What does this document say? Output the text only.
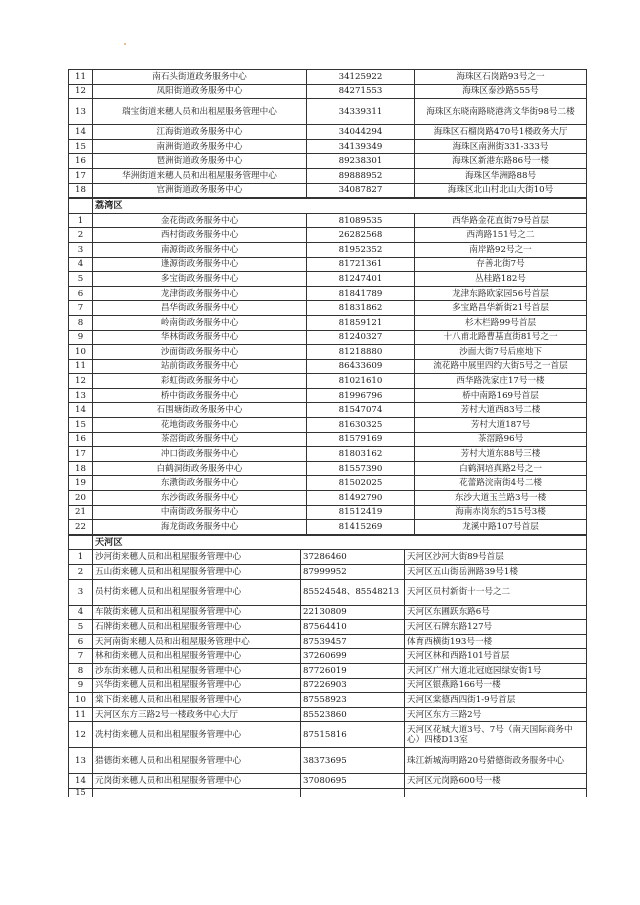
11	南石头街道政务服务中心	34125922	海珠区石岗路93号之一
12	凤阳街道政务服务中心	84271553	海珠区泰沙路555号
13	瑞宝街道来穗人员和出租屋服务管理中心	34339311	海珠区东晓南路晓港湾文华街98号二楼
14	江海街道政务服务中心	34044294	海珠区石榴岗路470号1楼政务大厅
15	南洲街道政务服务中心	34139349	海珠区南洲街331-333号
16	琶洲街道政务服务中心	89238301	海珠区新港东路86号一楼
17	华洲街道来穗人员和出租屋服务管理中心	89888952	海珠区华洲路88号
18	官洲街道政务服务中心	34087827	海珠区北山村北山大街10号
	荔湾区		
1	金花街政务服务中心	81089535	西华路金花直街79号首层
2	西村街政务服务中心	26282568	西湾路151号之二
3	南源街政务服务中心	81952352	南岸路92号之一
4	逢源街政务服务中心	81721361	存善北街7号
5	多宝街政务服务中心	81247401	丛桂路182号
6	龙津街政务服务中心	81841789	龙津东路欧家园56号首层
7	昌华街政务服务中心	81831862	多宝路昌华新街21号首层
8	岭南街政务服务中心	81859121	杉木栏路99号首层
9	华林街政务服务中心	81240327	十八甫北路曹基直街81号之一
10	沙面街政务服务中心	81218880	沙面大街7号后座地下
11	站前街政务服务中心	86433609	流花路中展里四约大街5号之一首层
12	彩虹街政务服务中心	81021610	西华路洗家庄17号一楼
13	桥中街政务服务中心	81996796	桥中南路169号首层
14	石围塘街政务服务中心	81547074	芳村大道西83号二楼
15	花地街政务服务中心	81630325	芳村大道187号
16	茶滘街政务服务中心	81579169	茶滘路96号
17	冲口街政务服务中心	81803162	芳村大道东88号三楼
18	白鹤洞街政务服务中心	81557390	白鹤洞培真路2号之一
19	东漖街政务服务中心	81502025	花蕾路浣南街4号二楼
20	东沙街政务服务中心	81492790	东沙大道玉兰路3号一楼
21	中南街政务服务中心	81512419	海南赤岗东约515号3楼
22	海龙街政务服务中心	81415269	龙溪中路107号首层
	天河区		
1	沙河街来穗人员和出租屋服务管理中心	37286460	天河区沙河大街89号首层
2	五山街来穗人员和出租屋服务管理中心	87999952	天河区五山街岳洲路39号1楼
3	员村街来穗人员和出租屋服务管理中心	85524548、85548213	天河区员村新街十一号之二
4	车陂街来穗人员和出租屋服务管理中心	22130809	天河区东圃跃东路6号
5	石牌街来穗人员和出租屋服务管理中心	87564410	天河区石牌东路127号
6	天河南街来穗人员和出租屋服务管理中心	87539457	体育西横街193号一楼
7	林和街来穗人员和出租屋服务管理中心	37260699	天河区林和西路101号首层
8	沙东街来穗人员和出租屋服务管理中心	87726019	天河区广州大道北冠庭园绿安街1号
9	兴华街来穗人员和出租屋服务管理中心	87226903	天河区银燕路166号一楼
10	棠下街来穗人员和出租屋服务管理中心	87558923	天河区棠德西四街1-9号首层
11	天河区东方三路2号一楼政务中心大厅	85523860	天河区东方三路2号
12	冼村街来穗人员和出租屋服务管理中心	87515816	天河区花城大道3号、7号（南天国际商务中心）四楼D13室
13	猎德街来穗人员和出租屋服务管理中心	38373695	珠江新城海明路20号猎德街政务服务中心
14	元岗街来穗人员和出租屋服务管理中心	37080695	天河区元岗路600号一楼
15			
